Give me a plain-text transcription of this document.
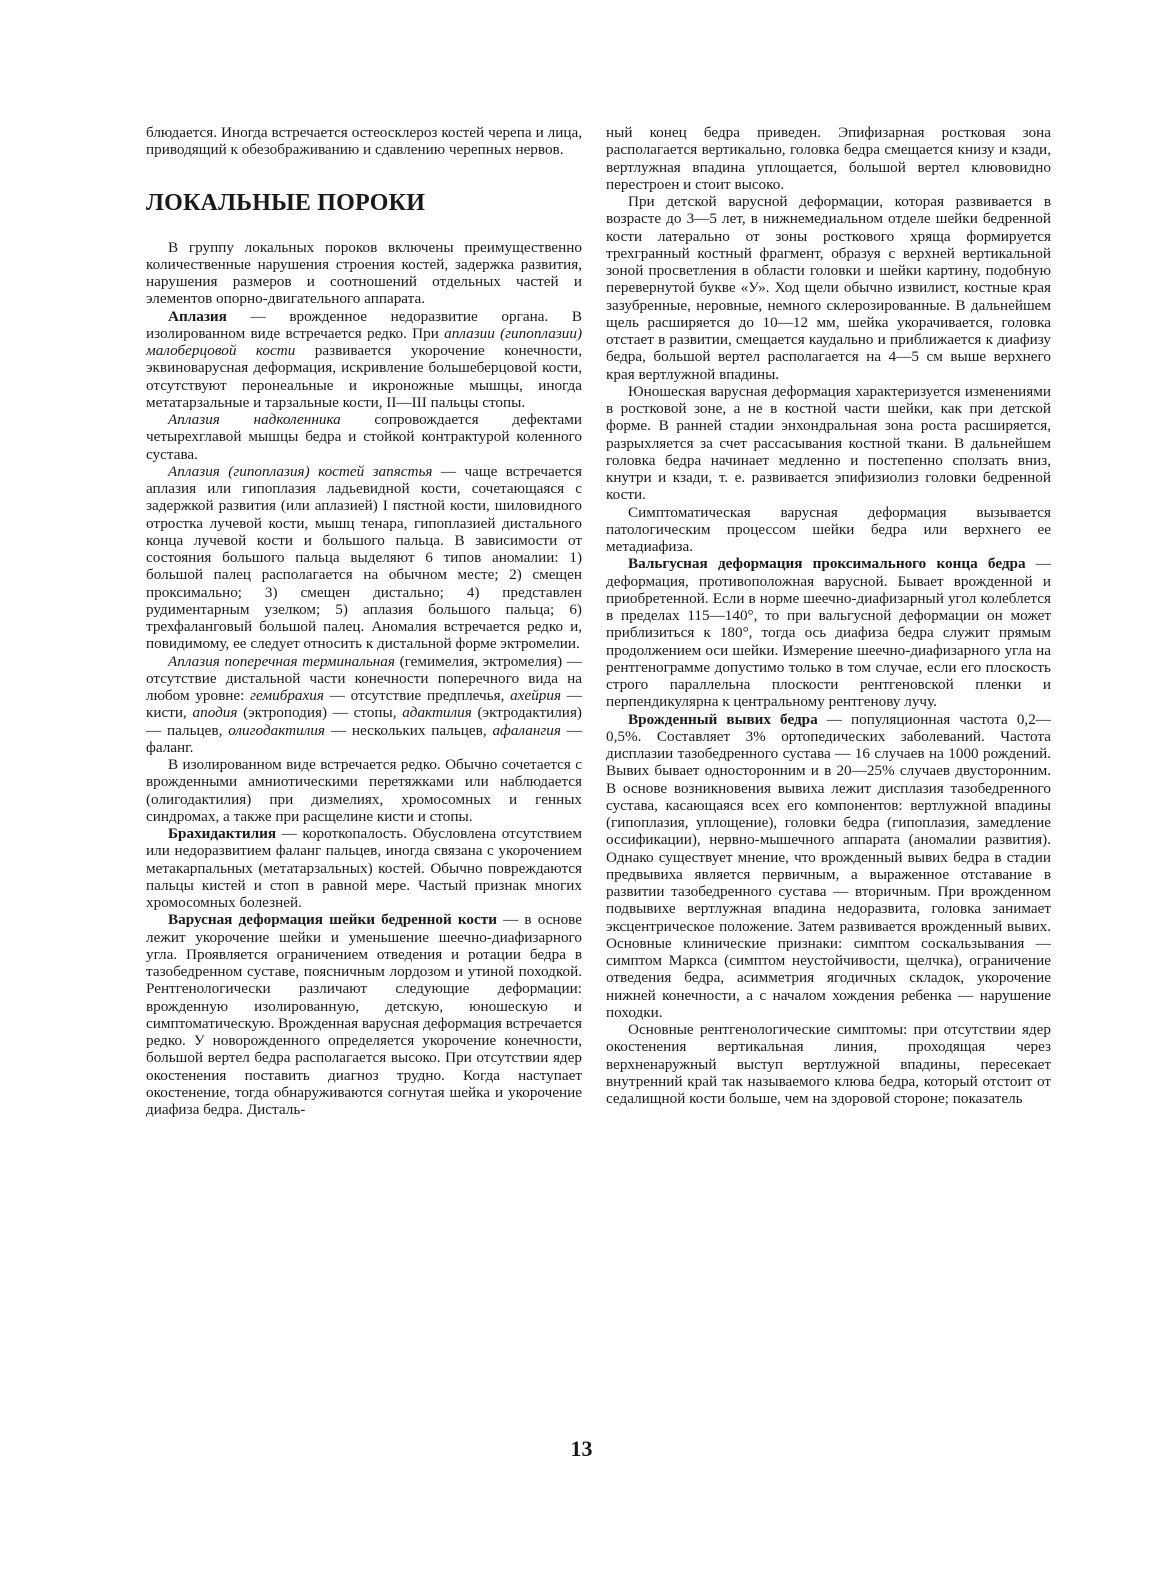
блюдается. Иногда встречается остеосклероз костей черепа и лица, приводящий к обезображиванию и сдавлению черепных нервов.

ЛОКАЛЬНЫЕ ПОРОКИ

В группу локальных пороков включены преимущественно количественные нарушения строения костей, задержка развития, нарушения размеров и соотношений отдельных частей и элементов опорно-двигательного аппарата.

Аплазия — врожденное недоразвитие органа. В изолированном виде встречается редко. При аплазии (гипоплазии) малоберцовой кости развивается укорочение конечности, эквиноварусная деформация, искривление большеберцовой кости, отсутствуют перонеальные и икроножные мышцы, иногда метатарзальные и тарзальные кости, II—III пальцы стопы.

Аплазия надколенника сопровождается дефектами четырехглавой мышцы бедра и стойкой контрактурой коленного сустава.

Аплазия (гипоплазия) костей запястья — чаще встречается аплазия или гипоплазия ладьевидной кости, сочетающаяся с задержкой развития (или аплазией) I пястной кости, шиловидного отростка лучевой кости, мышц тенара, гипоплазией дистального конца лучевой кости и большого пальца. В зависимости от состояния большого пальца выделяют 6 типов аномалии: 1) большой палец располагается на обычном месте; 2) смещен проксимально; 3) смещен дистально; 4) представлен рудиментарным узелком; 5) аплазия большого пальца; 6) трехфаланговый большой палец. Аномалия встречается редко и, повидимому, ее следует относить к дистальной форме эктромелии.

Аплазия поперечная терминальная (гемимелия, эктромелия) — отсутствие дистальной части конечности поперечного вида на любом уровне: гемибрахия — отсутствие предплечья, ахейрия — кисти, аподия (эктроподия) — стопы, адактилия (эктродактилия) — пальцев, олигодактилия — нескольких пальцев, афалангия — фаланг.

В изолированном виде встречается редко. Обычно сочетается с врожденными амниотическими перетяжками или наблюдается (олигодактилия) при дизмелиях, хромосомных и генных синдромах, а также при расщелине кисти и стопы.

Брахидактилия — короткопалость. Обусловлена отсутствием или недоразвитием фаланг пальцев, иногда связана с укорочением метакарпальных (метатарзальных) костей. Обычно повреждаются пальцы кистей и стоп в равной мере. Частый признак многих хромосомных болезней.

Варусная деформация шейки бедренной кости — в основе лежит укорочение шейки и уменьшение шеечно-диафизарного угла. Проявляется ограничением отведения и ротации бедра в тазобедренном суставе, поясничным лордозом и утиной походкой. Рентгенологически различают следующие деформации: врожденную изолированную, детскую, юношескую и симптоматическую. Врожденная варусная деформация встречается редко. У новорожденного определяется укорочение конечности, большой вертел бедра располагается высоко. При отсутствии ядер окостенения поставить диагноз трудно. Когда наступает окостенение, тогда обнаруживаются согнутая шейка и укорочение диафиза бедра. Дисталь-

ный конец бедра приведен. Эпифизарная ростковая зона располагается вертикально, головка бедра смещается книзу и кзади, вертлужная впадина уплощается, большой вертел клювовидно перестроен и стоит высоко.

При детской варусной деформации, которая развивается в возрасте до 3—5 лет, в нижнемедиальном отделе шейки бедренной кости латерально от зоны росткового хряща формируется трехгранный костный фрагмент, образуя с верхней вертикальной зоной просветления в области головки и шейки картину, подобную перевернутой букве «У». Ход щели обычно извилист, костные края зазубренные, неровные, немного склерозированные. В дальнейшем щель расширяется до 10—12 мм, шейка укорачивается, головка отстает в развитии, смещается каудально и приближается к диафизу бедра, большой вертел располагается на 4—5 см выше верхнего края вертлужной впадины.

Юношеская варусная деформация характеризуется изменениями в ростковой зоне, а не в костной части шейки, как при детской форме. В ранней стадии энхондральная зона роста расширяется, разрыхляется за счет рассасывания костной ткани. В дальнейшем головка бедра начинает медленно и постепенно сползать вниз, кнутри и кзади, т. е. развивается эпифизиолиз головки бедренной кости.

Симптоматическая варусная деформация вызывается патологическим процессом шейки бедра или верхнего ее метадиафиза.

Вальгусная деформация проксимального конца бедра — деформация, противоположная варусной. Бывает врожденной и приобретенной. Если в норме шеечно-диафизарный угол колеблется в пределах 115—140°, то при вальгусной деформации он может приблизиться к 180°, тогда ось диафиза бедра служит прямым продолжением оси шейки. Измерение шеечно-диафизарного угла на рентгенограмме допустимо только в том случае, если его плоскость строго параллельна плоскости рентгеновской пленки и перпендикулярна к центральному рентгенову лучу.

Врожденный вывих бедра — популяционная частота 0,2—0,5%. Составляет 3% ортопедических заболеваний. Частота дисплазии тазобедренного сустава — 16 случаев на 1000 рождений. Вывих бывает односторонним и в 20—25% случаев двусторонним. В основе возникновения вывиха лежит дисплазия тазобедренного сустава, касающаяся всех его компонентов: вертлужной впадины (гипоплазия, уплощение), головки бедра (гипоплазия, замедление оссификации), нервно-мышечного аппарата (аномалии развития). Однако существует мнение, что врожденный вывих бедра в стадии предвывиха является первичным, а выраженное отставание в развитии тазобедренного сустава — вторичным. При врожденном подвывихе вертлужная впадина недоразвита, головка занимает эксцентрическое положение. Затем развивается врожденный вывих. Основные клинические признаки: симптом соскальзывания — симптом Маркса (симптом неустойчивости, щелчка), ограничение отведения бедра, асимметрия ягодичных складок, укорочение нижней конечности, а с началом хождения ребенка — нарушение походки.

Основные рентгенологические симптомы: при отсутствии ядер окостенения вертикальная линия, проходящая через верхненаружный выступ вертлужной впадины, пересекает внутренний край так называемого клюва бедра, который отстоит от седалищной кости больше, чем на здоровой стороне; показатель

13
